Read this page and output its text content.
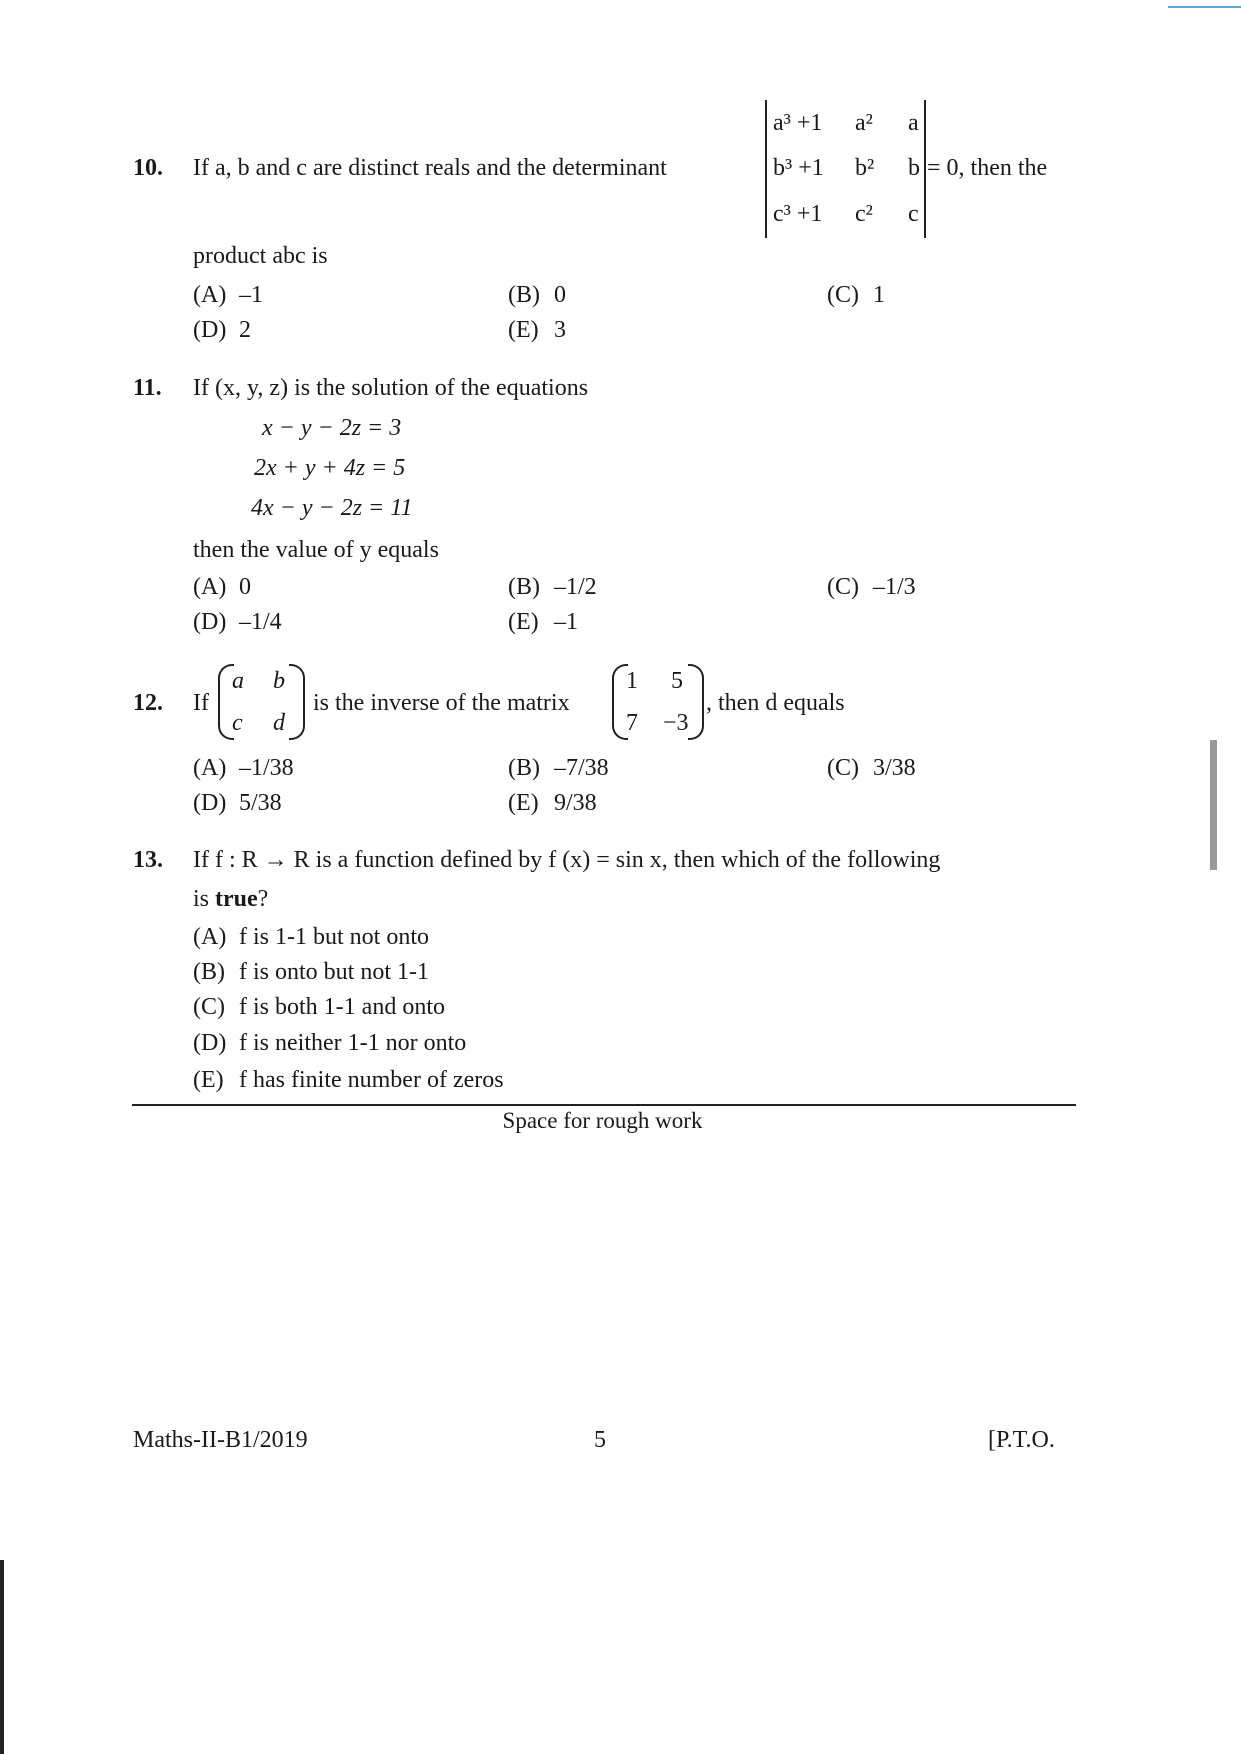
10. If a, b and c are distinct reals and the determinant
a³ +1 a² a
b³ +1 b² b
c³ +1 c² c
= 0, then the
product abc is
(A) –1	(B) 0	(C) 1
(D) 2	(E) 3
11. If (x, y, z) is the solution of the equations
x − y − 2z = 3
2x + y + 4z = 5
4x − y − 2z = 11
then the value of y equals
(A) 0	(B) –1/2	(C) –1/3
(D) –1/4	(E) –1
12. If
a b
c d
is the inverse of the matrix
1 5
7 −3
, then d equals
(A) –1/38	(B) –7/38	(C) 3/38
(D) 5/38	(E) 9/38
13. If f : R → R is a function defined by f (x) = sin x, then which of the following
is true?
(A) f is 1-1 but not onto
(B) f is onto but not 1-1
(C) f is both 1-1 and onto
(D) f is neither 1-1 nor onto
(E) f has finite number of zeros
Space for rough work
Maths-II-B1/2019	5	[P.T.O.
